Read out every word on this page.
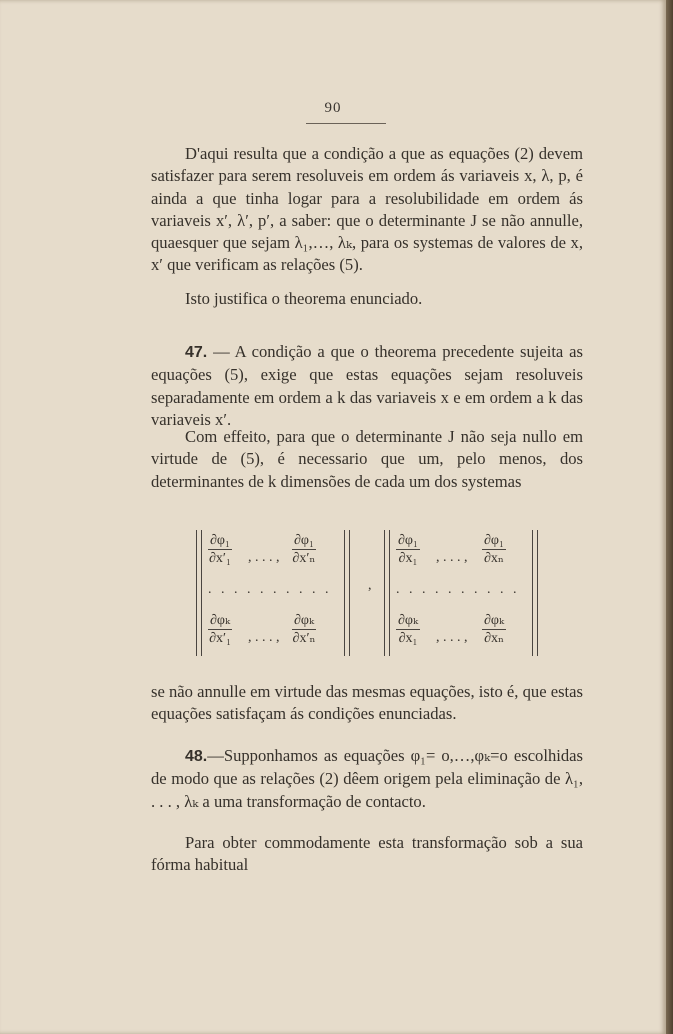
90

D'aqui resulta que a condição a que as equações (2) devem satisfazer para serem resoluveis em ordem ás variaveis x, λ, p, é ainda a que tinha logar para a resolubilidade em ordem ás variaveis x′, λ′, p′, a saber: que o determinante J se não annulle, quaesquer que sejam λ₁,…, λₖ, para os systemas de valores de x, x′ que verificam as relações (5).

Isto justifica o theorema enunciado.

47. — A condição a que o theorema precedente sujeita as equações (5), exige que estas equações sejam resoluveis separadamente em ordem a k das variaveis x e em ordem a k das variaveis x′.

Com effeito, para que o determinante J não seja nullo em virtude de (5), é necessario que um, pelo menos, dos determinantes de k dimensões de cada um dos systemas

$\frac{\text{∂φ₁}}{\text{∂x′₁}}$ , . . . , $\frac{\text{∂φ₁}}{\text{∂x′ₙ}}$
. . . . . . . . . .
$\frac{\text{∂φₖ}}{\text{∂x′₁}}$ , . . . , $\frac{\text{∂φₖ}}{\text{∂x′ₙ}}$
,
$\frac{\text{∂φ₁}}{\text{∂x₁}}$ , . . . , $\frac{\text{∂φ₁}}{\text{∂xₙ}}$
. . . . . . . . . .
$\frac{\text{∂φₖ}}{\text{∂x₁}}$ , . . . , $\frac{\text{∂φₖ}}{\text{∂xₙ}}$

se não annulle em virtude das mesmas equações, isto é, que estas equações satisfaçam ás condições enunciadas.

48.—Supponhamos as equações φ₁= o,…,φₖ=o escolhidas de modo que as relações (2) dêem origem pela eliminação de λ₁, . . . , λₖ a uma transformação de contacto.

Para obter commodamente esta transformação sob a sua fórma habitual
